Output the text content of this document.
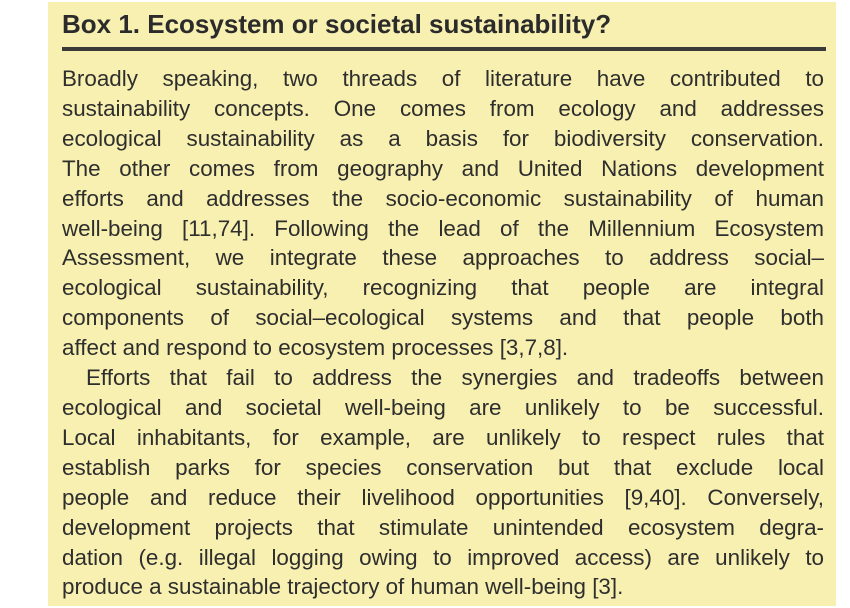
Box 1. Ecosystem or societal sustainability?

Broadly speaking, two threads of literature have contributed to
sustainability concepts. One comes from ecology and addresses
ecological sustainability as a basis for biodiversity conservation.
The other comes from geography and United Nations development
efforts and addresses the socio-economic sustainability of human
well-being [11,74]. Following the lead of the Millennium Ecosystem
Assessment, we integrate these approaches to address social–
ecological sustainability, recognizing that people are integral
components of social–ecological systems and that people both
affect and respond to ecosystem processes [3,7,8].

Efforts that fail to address the synergies and tradeoffs between
ecological and societal well-being are unlikely to be successful.
Local inhabitants, for example, are unlikely to respect rules that
establish parks for species conservation but that exclude local
people and reduce their livelihood opportunities [9,40]. Conversely,
development projects that stimulate unintended ecosystem degra-
dation (e.g. illegal logging owing to improved access) are unlikely to
produce a sustainable trajectory of human well-being [3].
